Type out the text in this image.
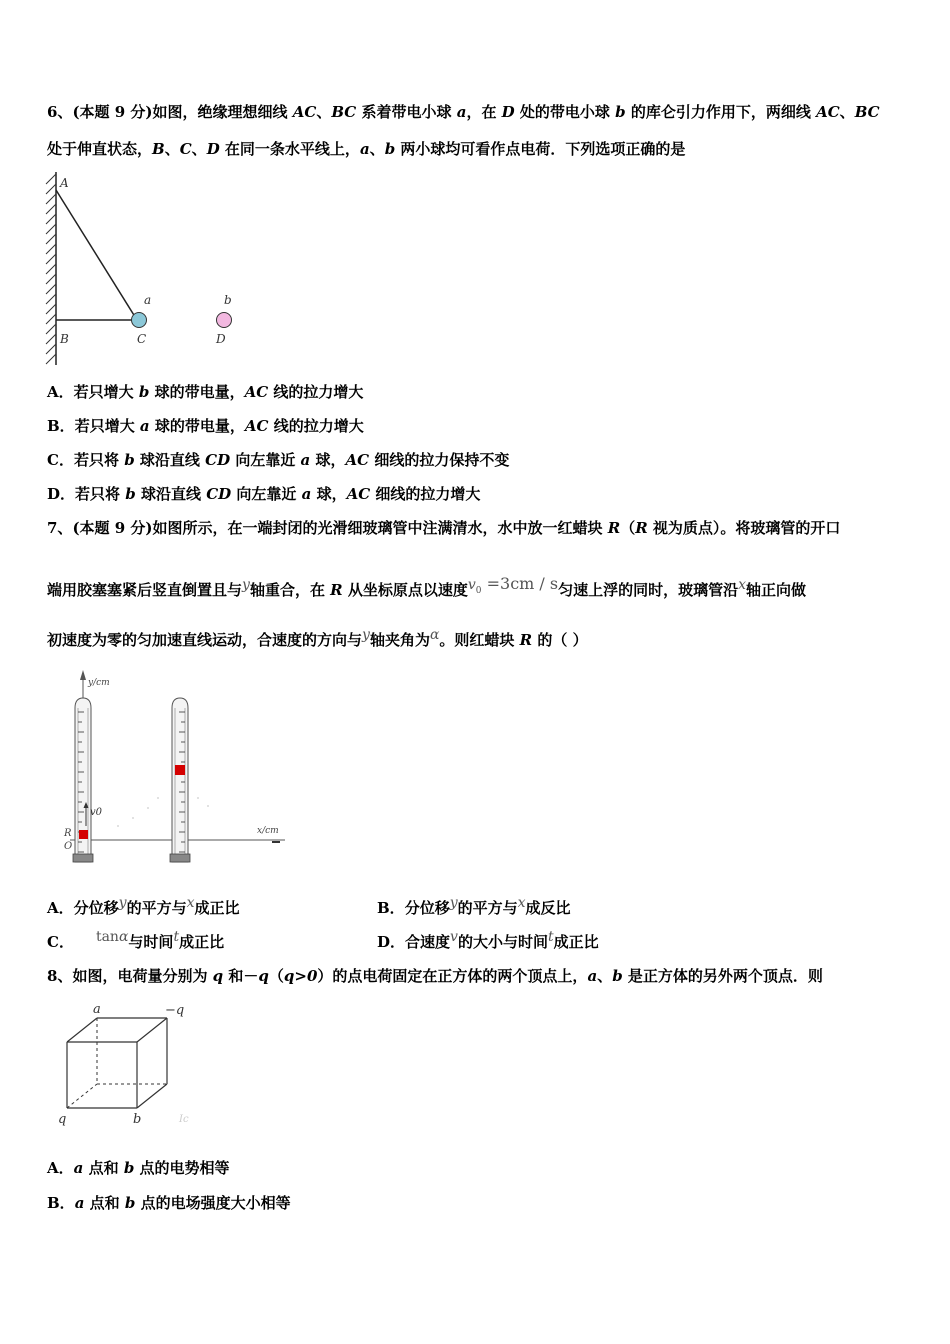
6、(本题 9 分)如图，绝缘理想细线 AC、BC 系着带电小球 a，在 D 处的带电小球 b 的库仑引力作用下，两细线 AC、BC
处于伸直状态，B、C、D 在同一条水平线上，a、b 两小球均可看作点电荷．下列选项正确的是
A
B	C	D
a	b
A．若只增大 b 球的带电量，AC 线的拉力增大
B．若只增大 a 球的带电量，AC 线的拉力增大
C．若只将 b 球沿直线 CD 向左靠近 a 球，AC 细线的拉力保持不变
D．若只将 b 球沿直线 CD 向左靠近 a 球，AC 细线的拉力增大
7、(本题 9 分)如图所示，在一端封闭的光滑细玻璃管中注满清水，水中放一红蜡块 R（R 视为质点）。将玻璃管的开口
端用胶塞塞紧后竖直倒置且与y轴重合，在 R 从坐标原点以速度v0 =3cm / s匀速上浮的同时，玻璃管沿x轴正向做
初速度为零的匀加速直线运动，合速度的方向与y轴夹角为α。则红蜡块 R 的（ ）
y/cm
x/cm
v0
R
O
A．分位移y的平方与x成正比	B．分位移y的平方与x成反比
C． tanα与时间t成正比	D．合速度v的大小与时间t成正比
8、如图，电荷量分别为 q 和－q（q>0）的点电荷固定在正方体的两个顶点上，a、b 是正方体的另外两个顶点．则
a	−q
q	b	Ic
A．a 点和 b 点的电势相等
B．a 点和 b 点的电场强度大小相等
